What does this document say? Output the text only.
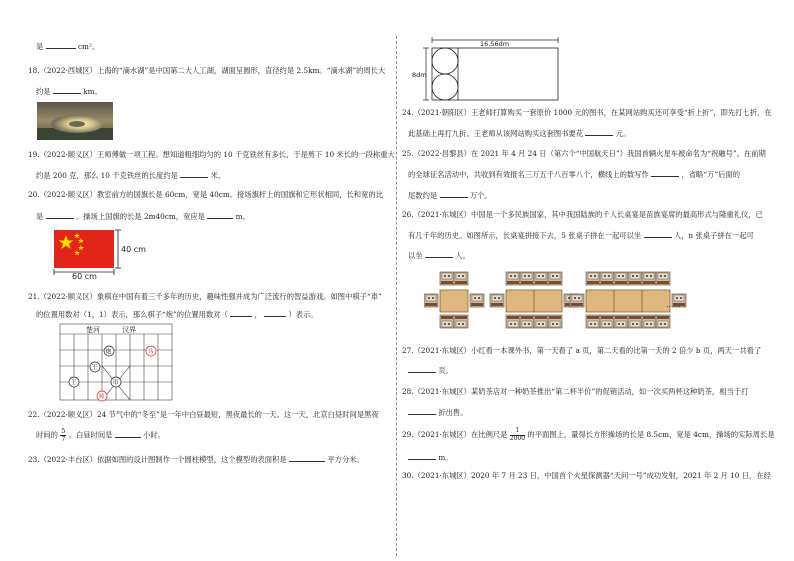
是	cm²。
18.（2022·西城区）上海的“滴水湖”是中国第二大人工湖，湖面呈圆形，直径约是 2.5km。“滴水湖”的周长大
约是	km。
19.（2022·顺义区）王师傅做一项工程。想知道粗细均匀的 10 千克铁丝有多长，于是剪下 10 米长的一段称重大
约是 200 克，那么 10 千克铁丝的长度约是	米。
20.（2022·顺义区）教室前方的国旗长是 60cm，宽是 40cm。接场旗杆上的国旗和它形状相同，长和宽的比
是	。操场上国旗的长是 2m40cm，宽应是	m。
40 cm
60 cm
21.（2022·顺义区）象棋在中国有着三千多年的历史，趣味性强并成为广泛流行的智益游戏。如图中棋子“車”
的位置用数对（1，1）表示，那么棋子“炮”的位置用数对（	，	）表示。
楚河	汉界
炮	马
王
王
帅
車
22.（2022·顺义区）24 节气中的“冬至”是一年中白昼最短，黑夜最长的一天。这一天，北京白昼时间是黑夜
时间的 $\frac{5}{7}$ 。白昼时间是	小时。
23.（2022·丰台区）依据如图的设计图制作一个圆柱模型，这个模型的表面积是	平方分米。
16.56dm
8dm
24.（2021·朝阳区）王老师打算购买一套原价 1000 元的图书，在某网站购买还可享受“折上折”，即先打七折，在
此基础上再打九折。王老师从该网站购买这套图书要花	元。
25.（2022·昌黎县）在 2021 年 4 月 24 日（第六个“中国航天日”）我国首辆火星车被命名为“祝融号”。在前期
的全球征名活动中，共收到有效报名三万五千八百零八个，横线上的数写作	，省略“万”后面的
尾数约是	万个。
26.（2021·东城区）中国是一个多民族国家，其中我国陆族的千人长桌宴是苗族宴席的最高形式与隆重礼仪，已
有几千年的历史。如图所示，长桌宴拼接下去，5 张桌子拼在一起可以坐	人，n 张桌子拼在一起可
以坐	人。
……
27.（2021·东城区）小红看一本课外书，第一天看了 a 页，第二天看的比第一天的 2 倍少 b 页，两天一共看了
页。
28.（2021·东城区）某奶茶店对一种奶茶推出“第二杯半价”的促销活动，如一次买两杯这种奶茶，相当于打
折出售。
29.（2021·东城区）在比例尺是 $\frac{1}{2000}$ 的平面图上，量得长方形操场的长是 8.5cm，宽是 4cm，操场的实际周长是
m。
30.（2021·东城区）2020 年 7 月 23 日，中国首个火星探测器“天问一号”成功发射，2021 年 2 月 10 日，在经
